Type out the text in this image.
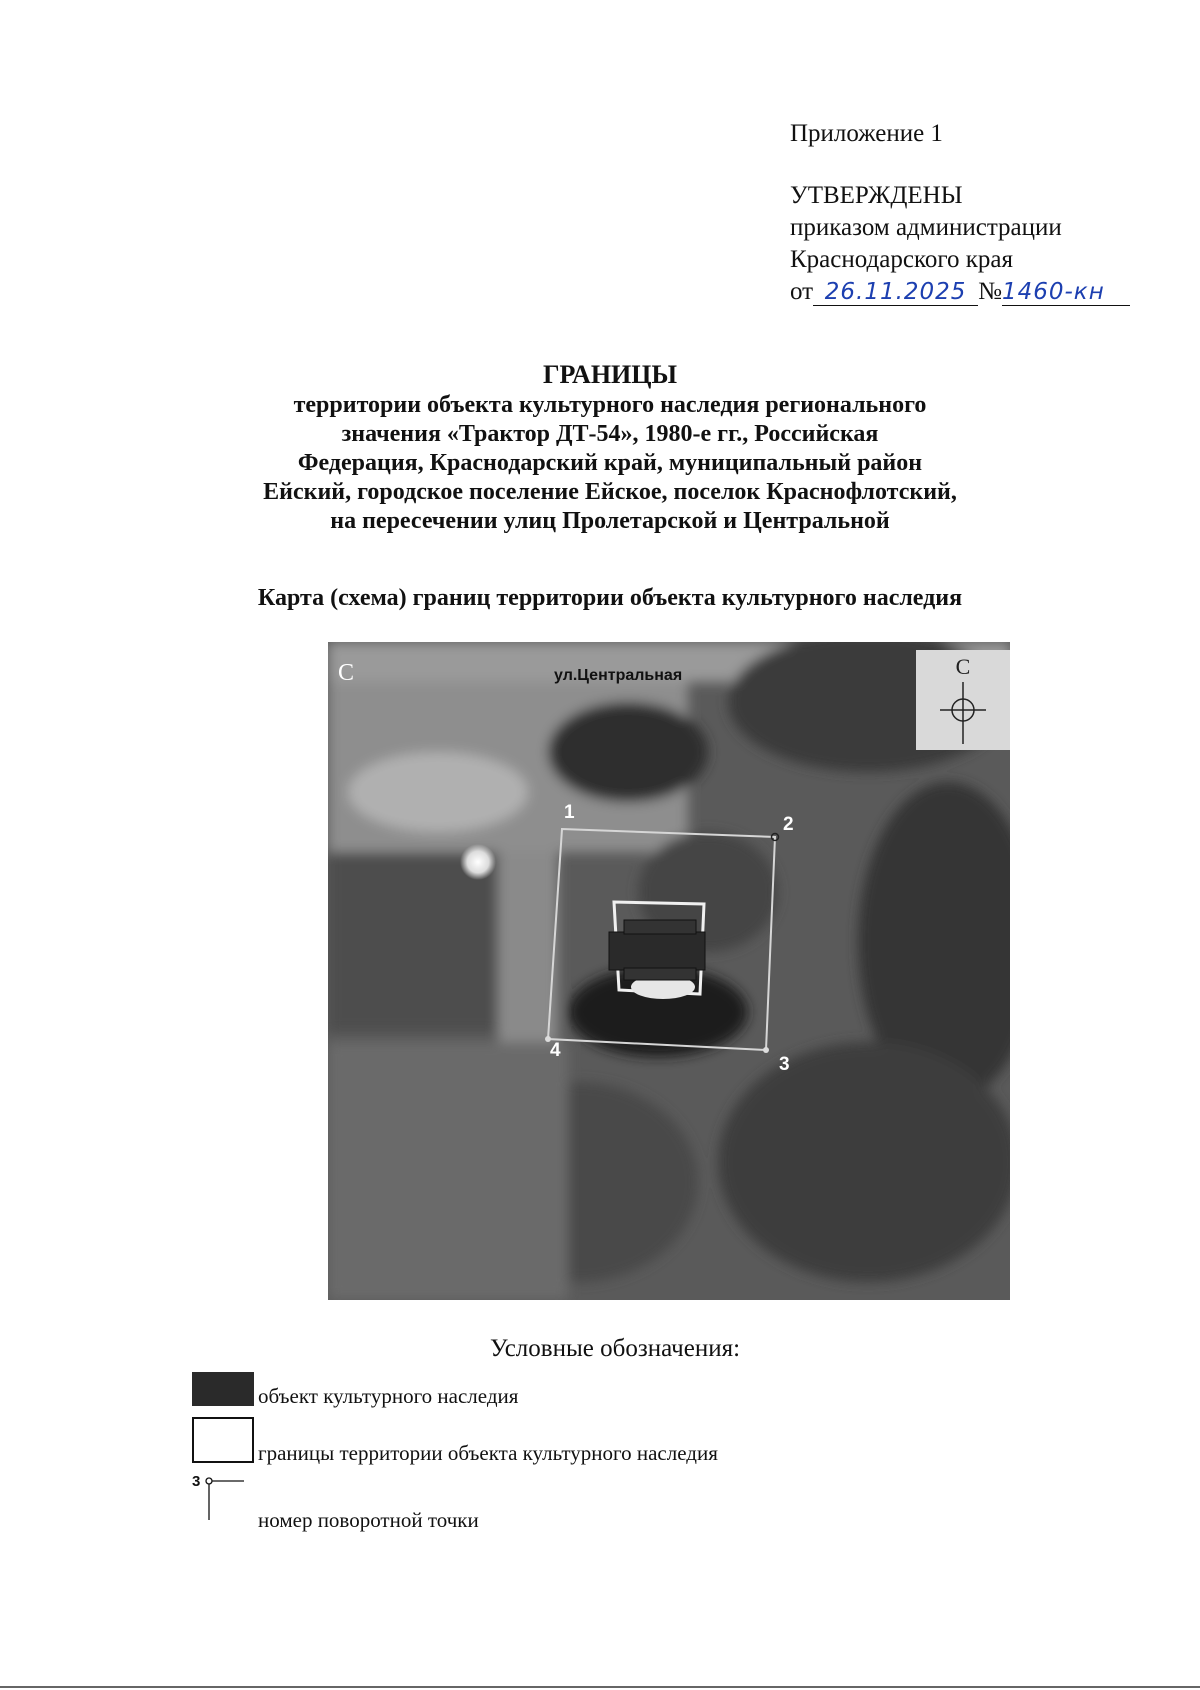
Приложение 1
УТВЕРЖДЕНЫ
приказом администрации
Краснодарского края
от 26.11.2025 №1460-кн
ГРАНИЦЫ
территории объекта культурного наследия регионального
значения «Трактор ДТ-54», 1980-е гг., Российская
Федерация, Краснодарский край, муниципальный район
Ейский, городское поселение Ейское, поселок Краснофлотский,
на пересечении улиц Пролетарской и Центральной
Карта (схема) границ территории объекта культурного наследия
С	ул.Центральная	С
1
2
3
4
Условные обозначения:
объект культурного наследия
границы территории объекта культурного наследия
3
номер поворотной точки
